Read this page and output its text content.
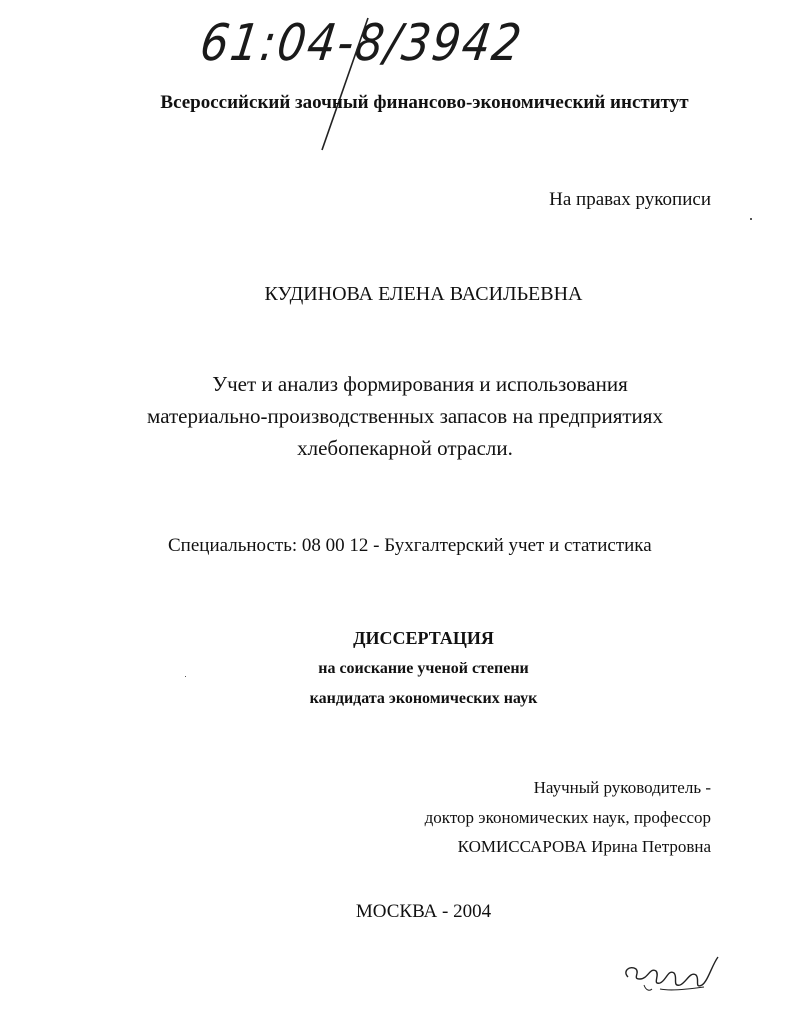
61:04-8/3942
Всероссийский заочный финансово-экономический институт
На правах рукописи
КУДИНОВА ЕЛЕНА ВАСИЛЬЕВНА
Учет и анализ формирования и использования
материально-производственных запасов на предприятиях
хлебопекарной отрасли.
Специальность: 08 00 12 - Бухгалтерский учет и статистика
ДИССЕРТАЦИЯ
на соискание ученой степени
кандидата экономических наук
Научный руководитель -
доктор экономических наук, профессор
КОМИССАРОВА Ирина Петровна
МОСКВА - 2004
